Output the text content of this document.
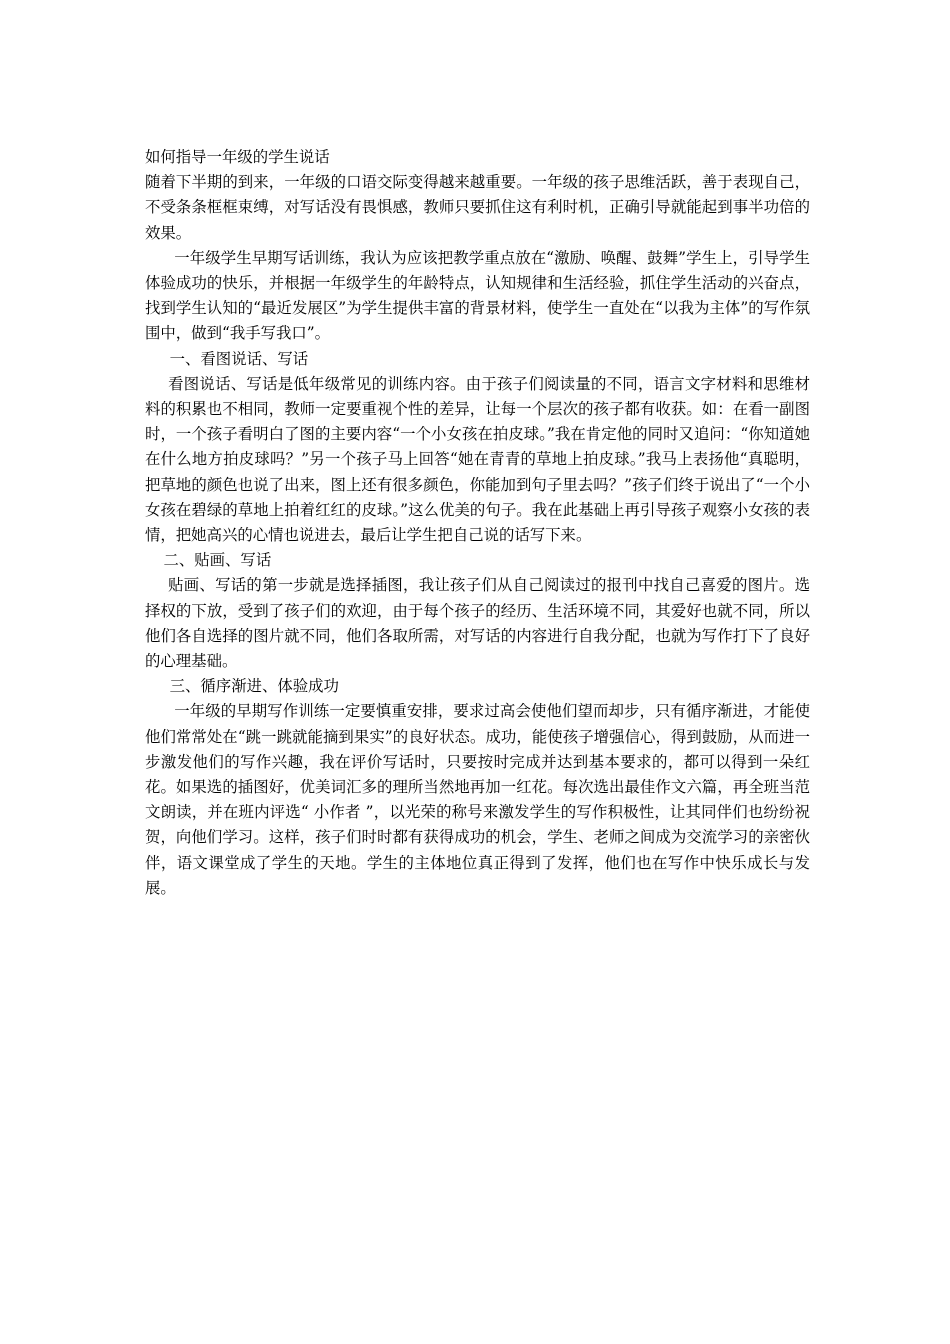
如何指导一年级的学生说话

随着下半期的到来，一年级的口语交际变得越来越重要。一年级的孩子思维活跃，善于表现自己，不受条条框框束缚，对写话没有畏惧感，教师只要抓住这有利时机，正确引导就能起到事半功倍的效果。

一年级学生早期写话训练，我认为应该把教学重点放在“激励、唤醒、鼓舞”学生上，引导学生体验成功的快乐，并根据一年级学生的年龄特点，认知规律和生活经验，抓住学生活动的兴奋点，找到学生认知的“最近发展区”为学生提供丰富的背景材料，使学生一直处在“以我为主体”的写作氛围中，做到“我手写我口”。

一、看图说话、写话

看图说话、写话是低年级常见的训练内容。由于孩子们阅读量的不同，语言文字材料和思维材料的积累也不相同，教师一定要重视个性的差异，让每一个层次的孩子都有收获。如：在看一副图时，一个孩子看明白了图的主要内容“一个小女孩在拍皮球。”我在肯定他的同时又追问：“你知道她在什么地方拍皮球吗？”另一个孩子马上回答“她在青青的草地上拍皮球。”我马上表扬他“真聪明，把草地的颜色也说了出来，图上还有很多颜色，你能加到句子里去吗？”孩子们终于说出了“一个小女孩在碧绿的草地上拍着红红的皮球。”这么优美的句子。我在此基础上再引导孩子观察小女孩的表情，把她高兴的心情也说进去，最后让学生把自己说的话写下来。

二、贴画、写话

贴画、写话的第一步就是选择插图，我让孩子们从自己阅读过的报刊中找自己喜爱的图片。选择权的下放，受到了孩子们的欢迎，由于每个孩子的经历、生活环境不同，其爱好也就不同，所以他们各自选择的图片就不同，他们各取所需，对写话的内容进行自我分配，也就为写作打下了良好的心理基础。

三、循序渐进、体验成功

一年级的早期写作训练一定要慎重安排，要求过高会使他们望而却步，只有循序渐进，才能使他们常常处在“跳一跳就能摘到果实”的良好状态。成功，能使孩子增强信心，得到鼓励，从而进一步激发他们的写作兴趣，我在评价写话时，只要按时完成并达到基本要求的，都可以得到一朵红花。如果选的插图好，优美词汇多的理所当然地再加一红花。每次选出最佳作文六篇，再全班当范文朗读，并在班内评选“ 小作者 ”，以光荣的称号来激发学生的写作积极性，让其同伴们也纷纷祝贺，向他们学习。这样，孩子们时时都有获得成功的机会，学生、老师之间成为交流学习的亲密伙伴，语文课堂成了学生的天地。学生的主体地位真正得到了发挥，他们也在写作中快乐成长与发展。
